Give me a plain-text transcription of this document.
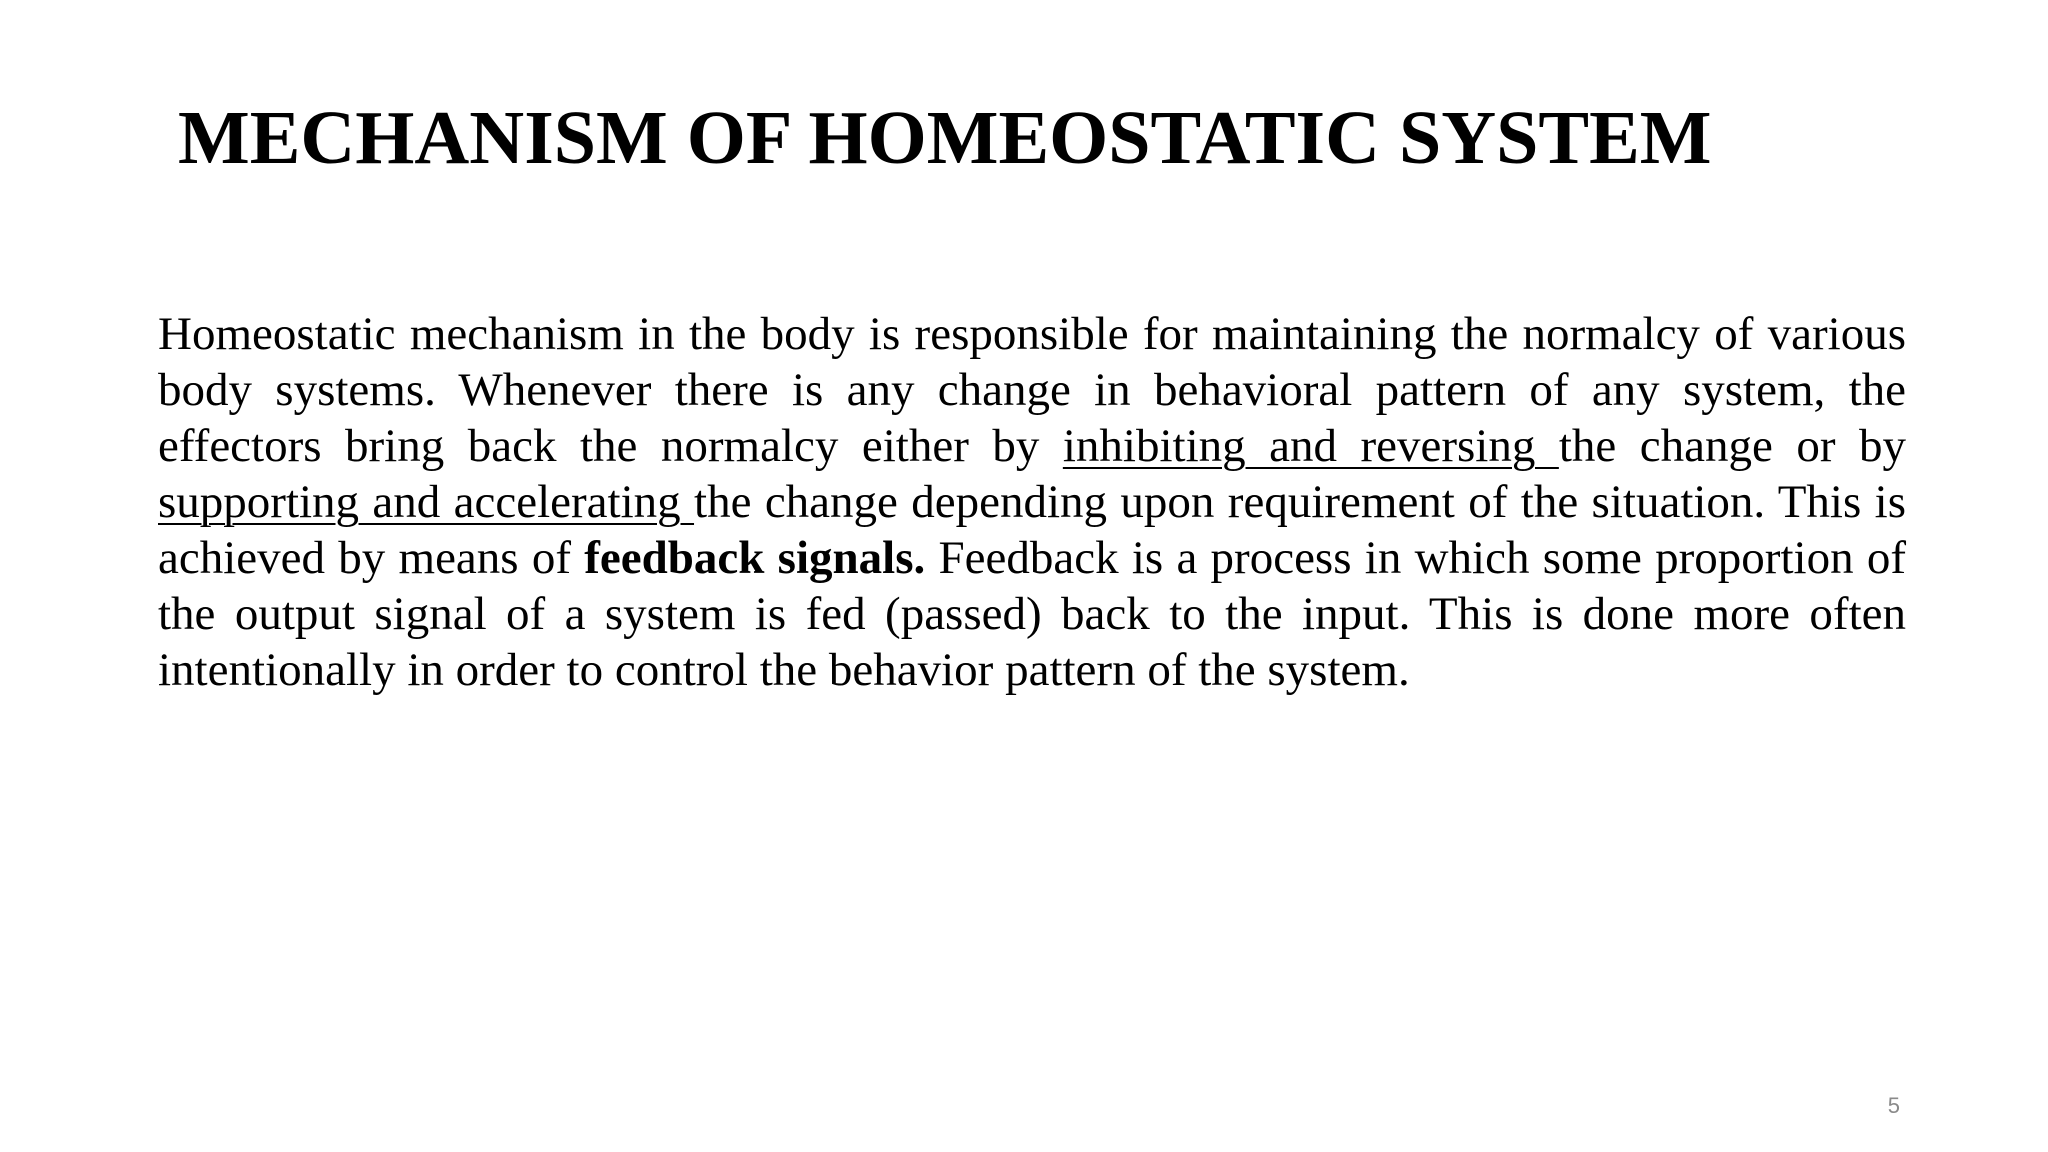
MECHANISM OF HOMEOSTATIC SYSTEM

Homeostatic mechanism in the body is responsible for maintaining the normalcy of various body systems. Whenever there is any change in behavioral pattern of any system, the effectors bring back the normalcy either by inhibiting and reversing the change or by supporting and accelerating the change depending upon requirement of the situation. This is achieved by means of feedback signals. Feedback is a process in which some proportion of the output signal of a system is fed (passed) back to the input. This is done more often intentionally in order to control the behavior pattern of the system.

5
